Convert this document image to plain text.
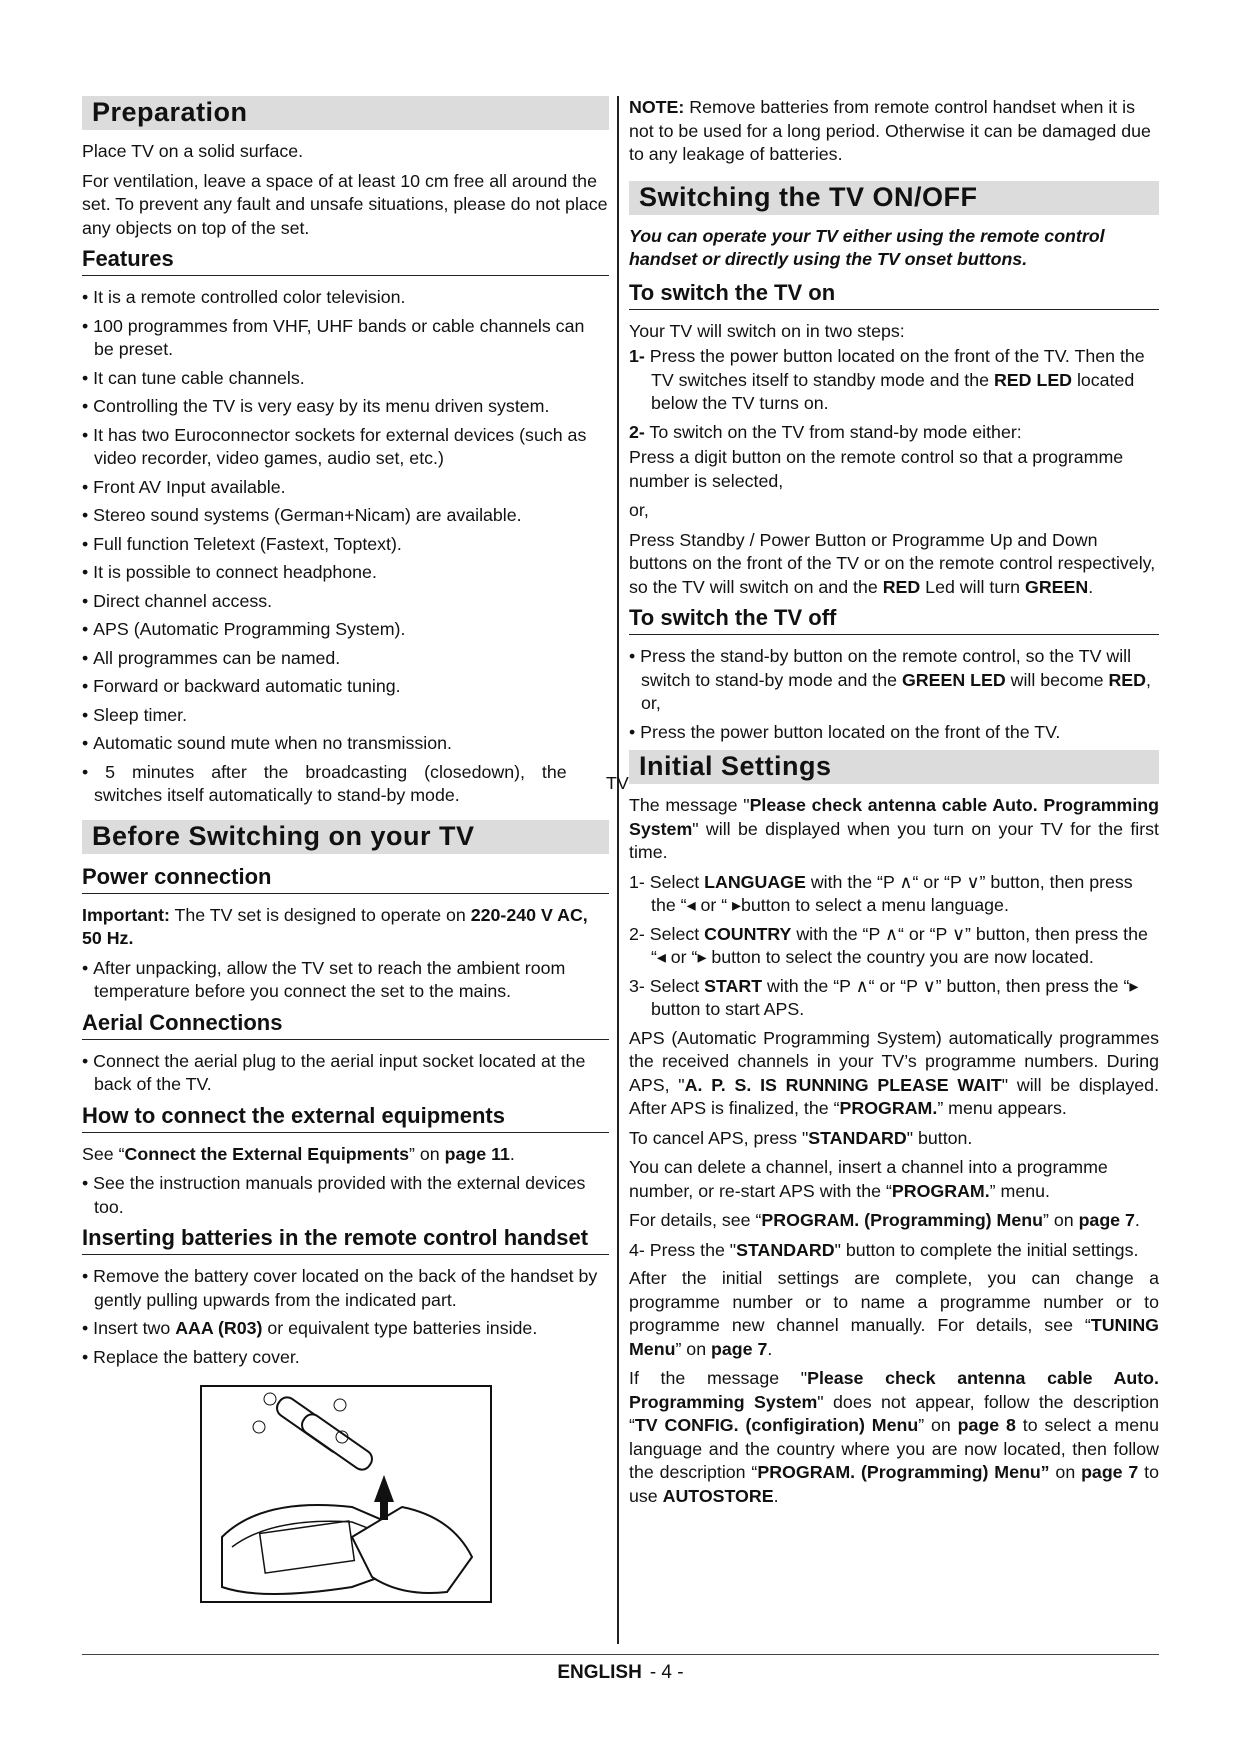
Preparation

Place TV on a solid surface.

For ventilation, leave a space of at least 10 cm free all around the set. To prevent any fault and unsafe situations, please do not place any objects on top of the set.

Features
• It is a remote controlled color television.
• 100 programmes from VHF, UHF bands or cable channels can be preset.
• It can tune cable channels.
• Controlling the TV is very easy by its menu driven system.
• It has two Euroconnector sockets for external devices (such as video recorder, video games, audio set, etc.)
• Front AV Input available.
• Stereo sound systems (German+Nicam) are available.
• Full function Teletext (Fastext, Toptext).
• It is possible to connect headphone.
• Direct channel access.
• APS (Automatic Programming System).
• All programmes can be named.
• Forward or backward automatic tuning.
• Sleep timer.
• Automatic sound mute when no transmission.
• 5 minutes after the broadcasting (closedown), the
switches itself automatically to stand-by mode.
Before Switching on your TV
Power connection

Important: The TV set is designed to operate on 220-240 V AC, 50 Hz.

• After unpacking, allow the TV set to reach the ambient room temperature before you connect the set to the mains.
Aerial Connections
• Connect the aerial plug to the aerial input socket located at the back of the TV.
How to connect the external equipments

See “Connect the External Equipments” on page 11.

• See the instruction manuals provided with the external devices too.
Inserting batteries in the remote control handset
• Remove the battery cover located on the back of the handset by gently pulling upwards from the indicated part.
• Insert two AAA (R03) or equivalent type batteries inside.
• Replace the battery cover.

NOTE: Remove batteries from remote control handset when it is not to be used for a long period. Otherwise it can be damaged due to any leakage of batteries.

Switching the TV ON/OFF
You can operate your TV either using the remote control handset or directly using the TV onset buttons.
To switch the TV on

Your TV will switch on in two steps:

1- Press the power button located on the front of the TV. Then the TV switches itself to standby mode and the RED LED located below the TV turns on.

2- To switch on the TV from stand-by mode either:

Press a digit button on the remote control so that a programme number is selected,

or,

Press Standby / Power Button or Programme Up and Down buttons on the front of the TV or on the remote control respectively, so the TV will switch on and the RED Led will turn GREEN.

To switch the TV off
• Press the stand-by button on the remote control, so the TV will switch to stand-by mode and the GREEN LED will become RED, or,
• Press the power button located on the front of the TV.
Initial Settings

The message "Please check antenna cable Auto. Programming System" will be displayed when you turn on your TV for the first time.

1- Select LANGUAGE with the “P ∧“ or “P ∨” button, then press the “◂ or “ ▸button to select a menu language.
2- Select COUNTRY with the “P ∧“ or “P ∨” button, then press the “◂ or “▸ button to select the country you are now located.
3- Select START with the “P ∧“ or “P ∨” button, then press the “▸ button to start APS.

APS (Automatic Programming System) automatically programmes the received channels in your TV’s programme numbers. During APS, "A. P. S. IS RUNNING PLEASE WAIT" will be displayed. After APS is finalized, the “PROGRAM.” menu appears.

To cancel APS, press "STANDARD" button.

You can delete a channel, insert a channel into a programme number, or re-start APS with the “PROGRAM.” menu.

For details, see “PROGRAM. (Programming) Menu” on page 7.

4- Press the "STANDARD" button to complete the initial settings.

After the initial settings are complete, you can change a programme number or to name a programme number or to programme new channel manually. For details, see “TUNING Menu” on page 7.

If the message "Please check antenna cable Auto. Programming System" does not appear, follow the description “TV CONFIG. (configiration) Menu” on page 8 to select a menu language and the country where you are now located, then follow the description “PROGRAM. (Programming) Menu” on page 7 to use AUTOSTORE.

TV
ENGLISH - 4 -
